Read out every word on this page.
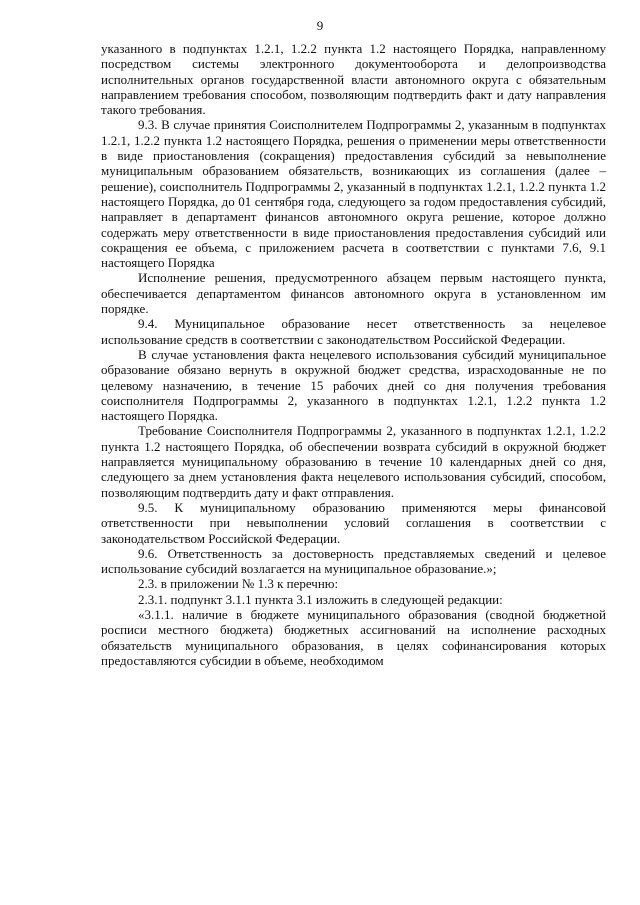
9

указанного в подпунктах 1.2.1, 1.2.2 пункта 1.2 настоящего Порядка, направленному посредством системы электронного документооборота и делопроизводства исполнительных органов государственной власти автономного округа с обязательным направлением требования способом, позволяющим подтвердить факт и дату направления такого требования.

9.3. В случае принятия Соисполнителем Подпрограммы 2, указанным в подпунктах 1.2.1, 1.2.2 пункта 1.2 настоящего Порядка, решения о применении меры ответственности в виде приостановления (сокращения) предоставления субсидий за невыполнение муниципальным образованием обязательств, возникающих из соглашения (далее – решение), соисполнитель Подпрограммы 2, указанный в подпунктах 1.2.1, 1.2.2 пункта 1.2 настоящего Порядка, до 01 сентября года, следующего за годом предоставления субсидий, направляет в департамент финансов автономного округа решение, которое должно содержать меру ответственности в виде приостановления предоставления субсидий или сокращения ее объема, с приложением расчета в соответствии с пунктами 7.6, 9.1 настоящего Порядка

Исполнение решения, предусмотренного абзацем первым настоящего пункта, обеспечивается департаментом финансов автономного округа в установленном им порядке.

9.4. Муниципальное образование несет ответственность за нецелевое использование средств в соответствии с законодательством Российской Федерации.

В случае установления факта нецелевого использования субсидий муниципальное образование обязано вернуть в окружной бюджет средства, израсходованные не по целевому назначению, в течение 15 рабочих дней со дня получения требования соисполнителя Подпрограммы 2, указанного в подпунктах 1.2.1, 1.2.2 пункта 1.2 настоящего Порядка.

Требование Соисполнителя Подпрограммы 2, указанного в подпунктах 1.2.1, 1.2.2 пункта 1.2 настоящего Порядка, об обеспечении возврата субсидий в окружной бюджет направляется муниципальному образованию в течение 10 календарных дней со дня, следующего за днем установления факта нецелевого использования субсидий, способом, позволяющим подтвердить дату и факт отправления.

9.5. К муниципальному образованию применяются меры финансовой ответственности при невыполнении условий соглашения в соответствии с законодательством Российской Федерации.

9.6. Ответственность за достоверность представляемых сведений и целевое использование субсидий возлагается на муниципальное образование.»;

2.3. в приложении № 1.3 к перечню:

2.3.1. подпункт 3.1.1 пункта 3.1 изложить в следующей редакции:

«3.1.1. наличие в бюджете муниципального образования (сводной бюджетной росписи местного бюджета) бюджетных ассигнований на исполнение расходных обязательств муниципального образования, в целях софинансирования которых предоставляются субсидии в объеме, необходимом
